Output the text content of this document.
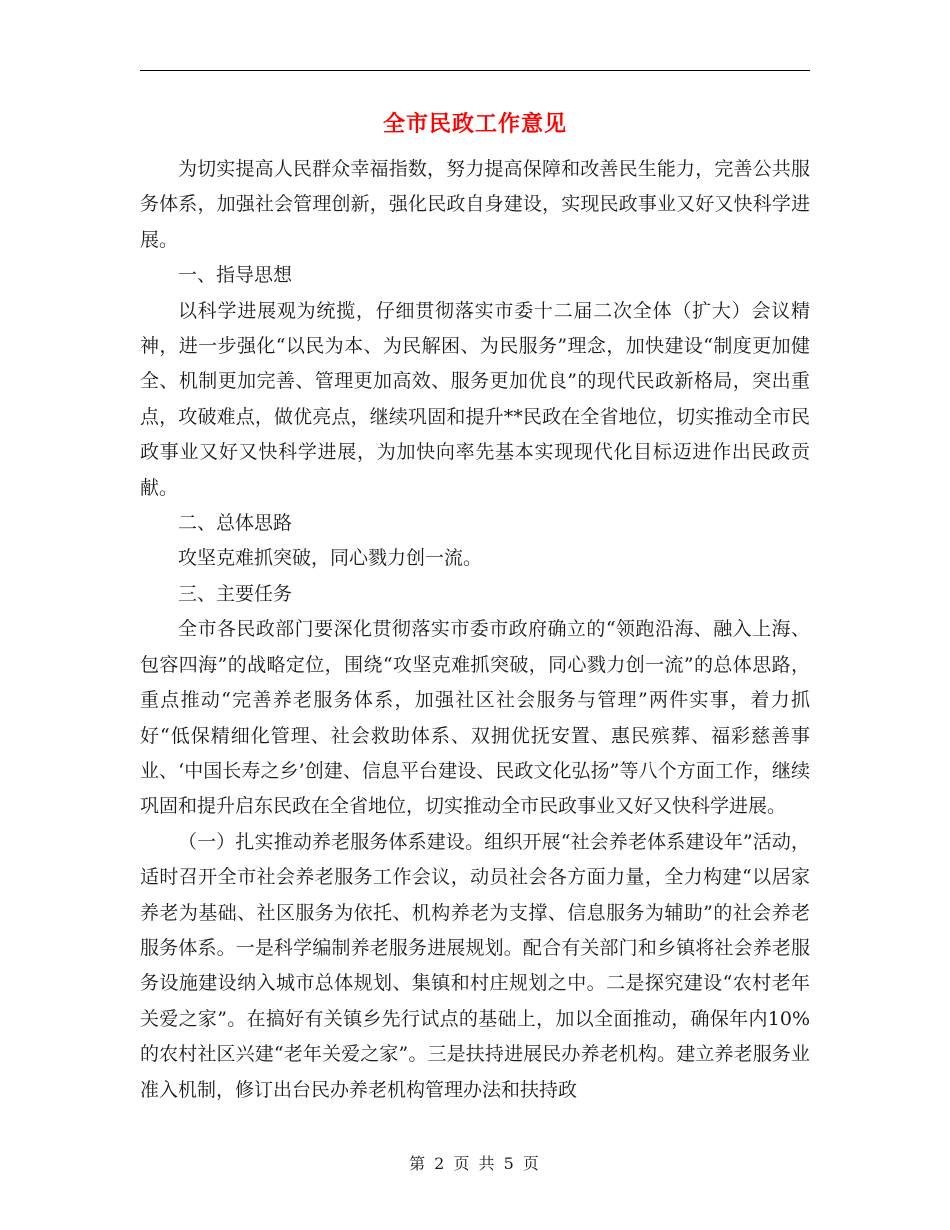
全市民政工作意见

为切实提高人民群众幸福指数，努力提高保障和改善民生能力，完善公共服务体系，加强社会管理创新，强化民政自身建设，实现民政事业又好又快科学进展。

一、指导思想

以科学进展观为统揽，仔细贯彻落实市委十二届二次全体（扩大）会议精神，进一步强化“以民为本、为民解困、为民服务”理念，加快建设“制度更加健全、机制更加完善、管理更加高效、服务更加优良”的现代民政新格局，突出重点，攻破难点，做优亮点，继续巩固和提升**民政在全省地位，切实推动全市民政事业又好又快科学进展，为加快向率先基本实现现代化目标迈进作出民政贡献。

二、总体思路

攻坚克难抓突破，同心戮力创一流。

三、主要任务

全市各民政部门要深化贯彻落实市委市政府确立的“领跑沿海、融入上海、包容四海”的战略定位，围绕“攻坚克难抓突破，同心戮力创一流”的总体思路，重点推动“完善养老服务体系，加强社区社会服务与管理”两件实事，着力抓好“低保精细化管理、社会救助体系、双拥优抚安置、惠民殡葬、福彩慈善事业、‘中国长寿之乡’创建、信息平台建设、民政文化弘扬”等八个方面工作，继续巩固和提升启东民政在全省地位，切实推动全市民政事业又好又快科学进展。

（一）扎实推动养老服务体系建设。组织开展“社会养老体系建设年”活动，适时召开全市社会养老服务工作会议，动员社会各方面力量，全力构建“以居家养老为基础、社区服务为依托、机构养老为支撑、信息服务为辅助”的社会养老服务体系。一是科学编制养老服务进展规划。配合有关部门和乡镇将社会养老服务设施建设纳入城市总体规划、集镇和村庄规划之中。二是探究建设“农村老年关爱之家”。在搞好有关镇乡先行试点的基础上，加以全面推动，确保年内10%的农村社区兴建“老年关爱之家”。三是扶持进展民办养老机构。建立养老服务业准入机制，修订出台民办养老机构管理办法和扶持政

第 2 页 共 5 页
